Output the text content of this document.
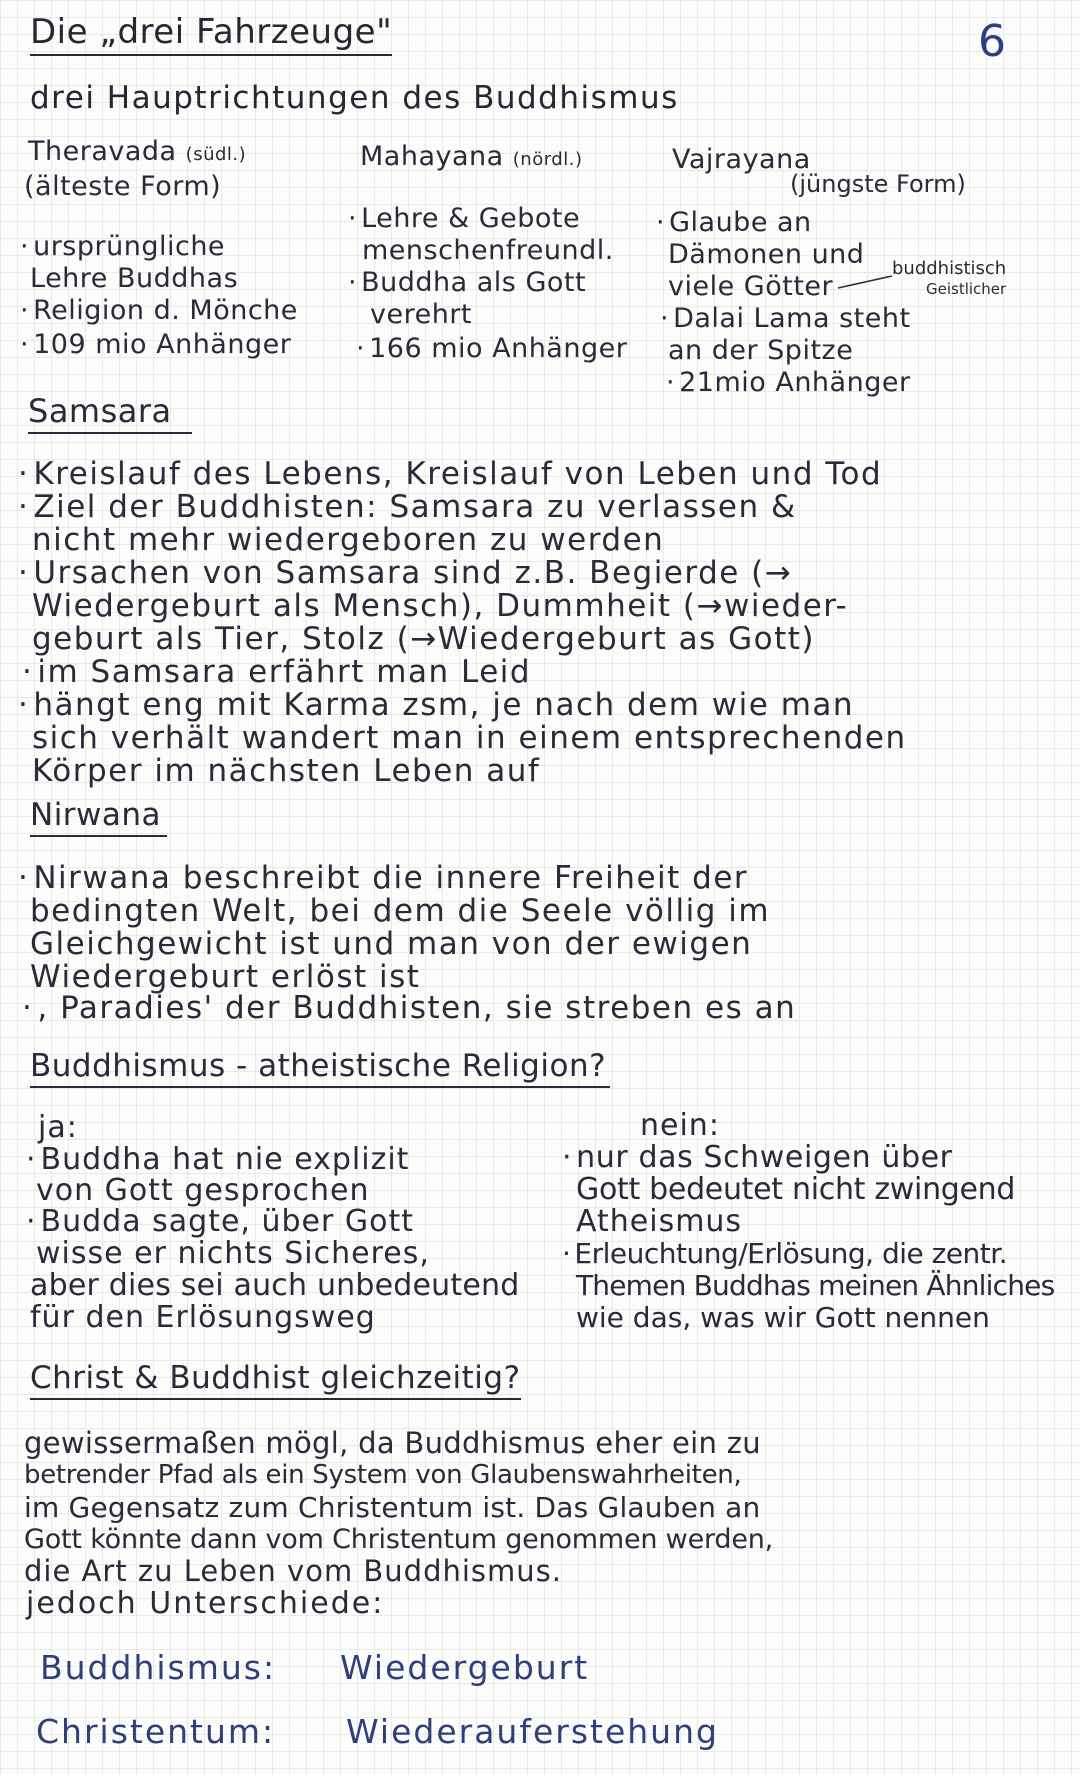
Die „drei Fahrzeuge"	6
drei Hauptrichtungen des Buddhismus
Theravada (südl.)
(älteste Form)
· ursprüngliche
Lehre Buddhas
· Religion d. Mönche
· 109 mio Anhänger
Mahayana (nördl.)
· Lehre & Gebote
menschenfreundl.
· Buddha als Gott
verehrt
· 166 mio Anhänger
Vajrayana
(jüngste Form)
· Glaube an
Dämonen und
viele Götter
· Dalai Lama steht
an der Spitze
· 21mio Anhänger
buddhistisch
Geistlicher
Samsara
· Kreislauf des Lebens, Kreislauf von Leben und Tod
· Ziel der Buddhisten: Samsara zu verlassen &
nicht mehr wiedergeboren zu werden
· Ursachen von Samsara sind z.B. Begierde (→
Wiedergeburt als Mensch), Dummheit (→wieder-
geburt als Tier, Stolz (→Wiedergeburt as Gott)
· im Samsara erfährt man Leid
· hängt eng mit Karma zsm, je nach dem wie man
sich verhält wandert man in einem entsprechenden
Körper im nächsten Leben auf
Nirwana
· Nirwana beschreibt die innere Freiheit der
bedingten Welt, bei dem die Seele völlig im
Gleichgewicht ist und man von der ewigen
Wiedergeburt erlöst ist
· , Paradies' der Buddhisten, sie streben es an
Buddhismus - atheistische Religion?
ja:
· Buddha hat nie explizit
von Gott gesprochen
· Budda sagte, über Gott
wisse er nichts Sicheres,
aber dies sei auch unbedeutend
für den Erlösungsweg
nein:
· nur das Schweigen über
Gott bedeutet nicht zwingend
Atheismus
· Erleuchtung/Erlösung, die zentr.
Themen Buddhas meinen Ähnliches
wie das, was wir Gott nennen
Christ & Buddhist gleichzeitig?
gewissermaßen mögl, da Buddhismus eher ein zu
betrender Pfad als ein System von Glaubenswahrheiten,
im Gegensatz zum Christentum ist. Das Glauben an
Gott könnte dann vom Christentum genommen werden,
die Art zu Leben vom Buddhismus.
jedoch Unterschiede:
Buddhismus: Wiedergeburt
Christentum: Wiederauferstehung
